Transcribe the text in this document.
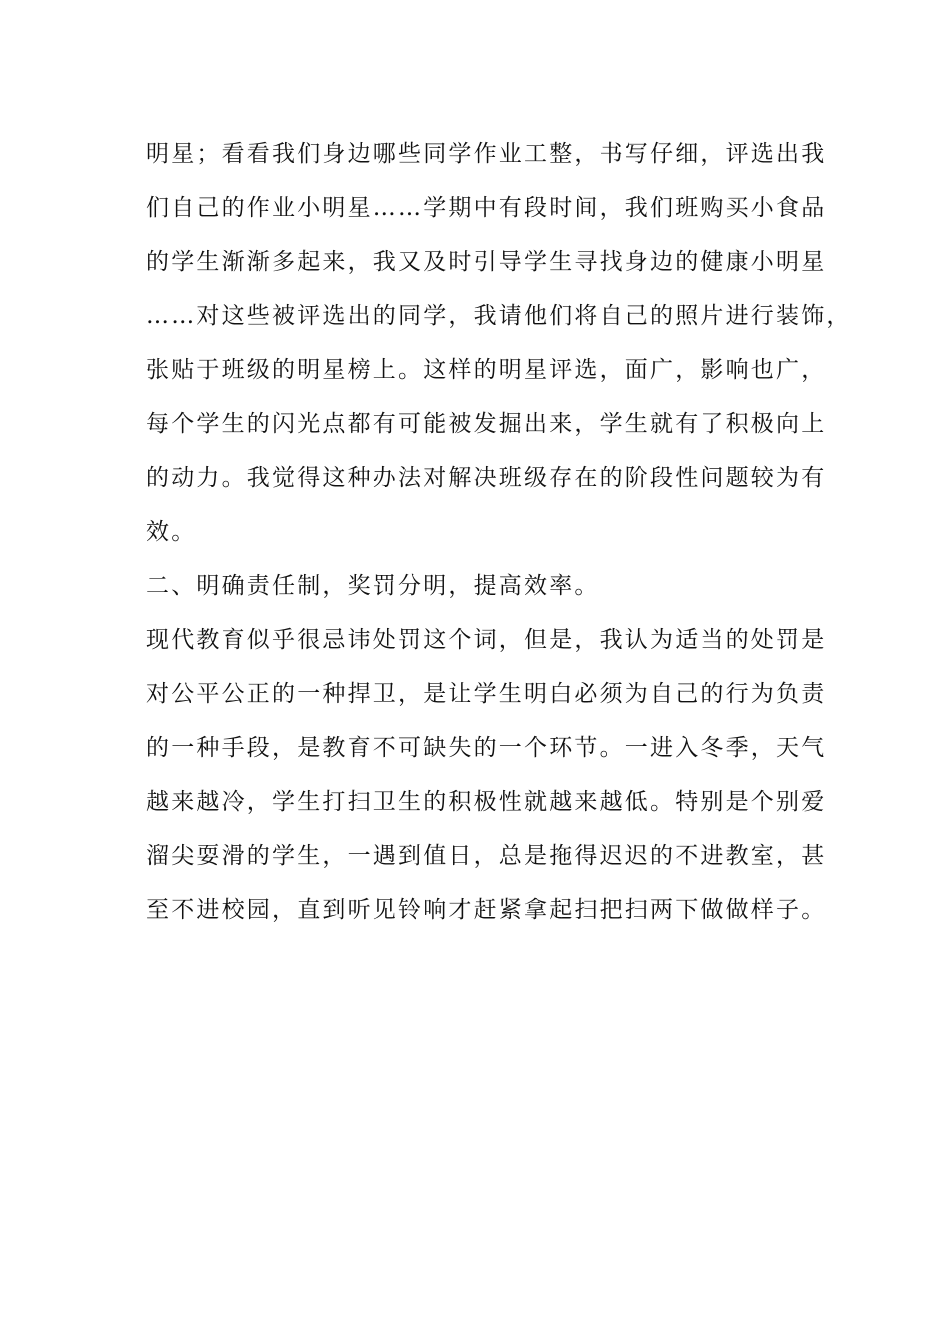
明星；看看我们身边哪些同学作业工整，书写仔细，评选出我

们自己的作业小明星……学期中有段时间，我们班购买小食品

的学生渐渐多起来，我又及时引导学生寻找身边的健康小明星

……对这些被评选出的同学，我请他们将自己的照片进行装饰，

张贴于班级的明星榜上。这样的明星评选，面广，影响也广，

每个学生的闪光点都有可能被发掘出来，学生就有了积极向上

的动力。我觉得这种办法对解决班级存在的阶段性问题较为有

效。

二、明确责任制，奖罚分明，提高效率。

现代教育似乎很忌讳处罚这个词，但是，我认为适当的处罚是

对公平公正的一种捍卫，是让学生明白必须为自己的行为负责

的一种手段，是教育不可缺失的一个环节。一进入冬季，天气

越来越冷，学生打扫卫生的积极性就越来越低。特别是个别爱

溜尖耍滑的学生，一遇到值日，总是拖得迟迟的不进教室，甚

至不进校园，直到听见铃响才赶紧拿起扫把扫两下做做样子。
